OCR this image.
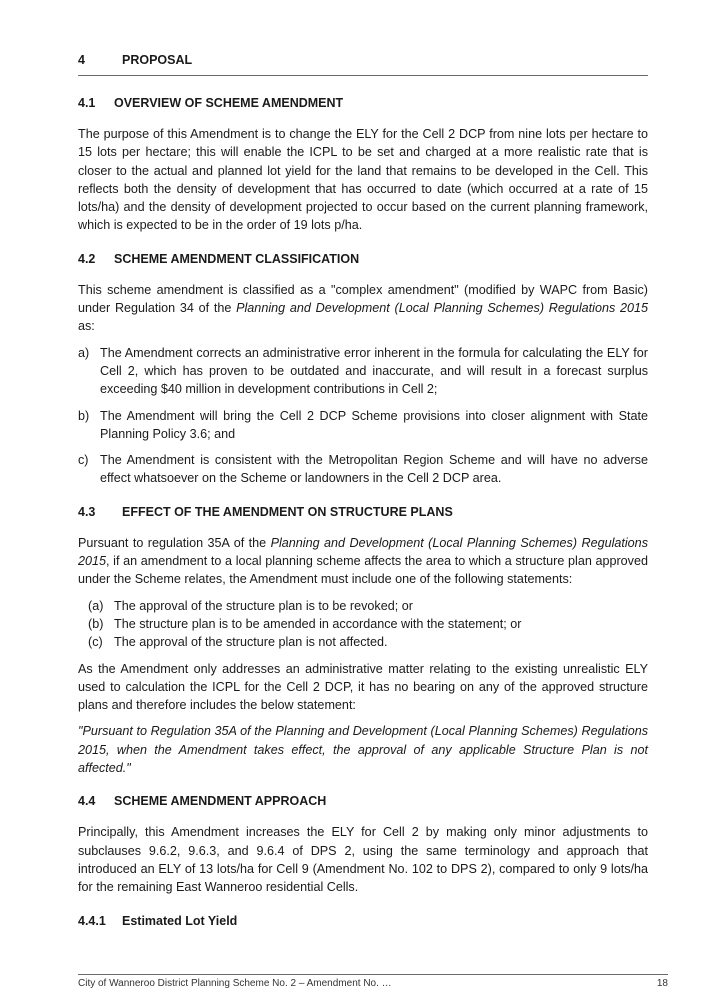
4	PROPOSAL
4.1 OVERVIEW OF SCHEME AMENDMENT

The purpose of this Amendment is to change the ELY for the Cell 2 DCP from nine lots per hectare to 15 lots per hectare; this will enable the ICPL to be set and charged at a more realistic rate that is closer to the actual and planned lot yield for the land that remains to be developed in the Cell. This reflects both the density of development that has occurred to date (which occurred at a rate of 15 lots/ha) and the density of development projected to occur based on the current planning framework, which is expected to be in the order of 19 lots p/ha.

4.2 SCHEME AMENDMENT CLASSIFICATION

This scheme amendment is classified as a "complex amendment" (modified by WAPC from Basic) under Regulation 34 of the Planning and Development (Local Planning Schemes) Regulations 2015 as:

a) The Amendment corrects an administrative error inherent in the formula for calculating the ELY for Cell 2, which has proven to be outdated and inaccurate, and will result in a forecast surplus exceeding $40 million in development contributions in Cell 2;
b) The Amendment will bring the Cell 2 DCP Scheme provisions into closer alignment with State Planning Policy 3.6; and
c) The Amendment is consistent with the Metropolitan Region Scheme and will have no adverse effect whatsoever on the Scheme or landowners in the Cell 2 DCP area.
4.3 EFFECT OF THE AMENDMENT ON STRUCTURE PLANS

Pursuant to regulation 35A of the Planning and Development (Local Planning Schemes) Regulations 2015, if an amendment to a local planning scheme affects the area to which a structure plan approved under the Scheme relates, the Amendment must include one of the following statements:

(a) The approval of the structure plan is to be revoked; or
(b) The structure plan is to be amended in accordance with the statement; or
(c) The approval of the structure plan is not affected.

As the Amendment only addresses an administrative matter relating to the existing unrealistic ELY used to calculation the ICPL for the Cell 2 DCP, it has no bearing on any of the approved structure plans and therefore includes the below statement:

"Pursuant to Regulation 35A of the Planning and Development (Local Planning Schemes) Regulations 2015, when the Amendment takes effect, the approval of any applicable Structure Plan is not affected."

4.4 SCHEME AMENDMENT APPROACH

Principally, this Amendment increases the ELY for Cell 2 by making only minor adjustments to subclauses 9.6.2, 9.6.3, and 9.6.4 of DPS 2, using the same terminology and approach that introduced an ELY of 13 lots/ha for Cell 9 (Amendment No. 102 to DPS 2), compared to only 9 lots/ha for the remaining East Wanneroo residential Cells.

4.4.1 Estimated Lot Yield
City of Wanneroo District Planning Scheme No. 2 – Amendment No. …	18
